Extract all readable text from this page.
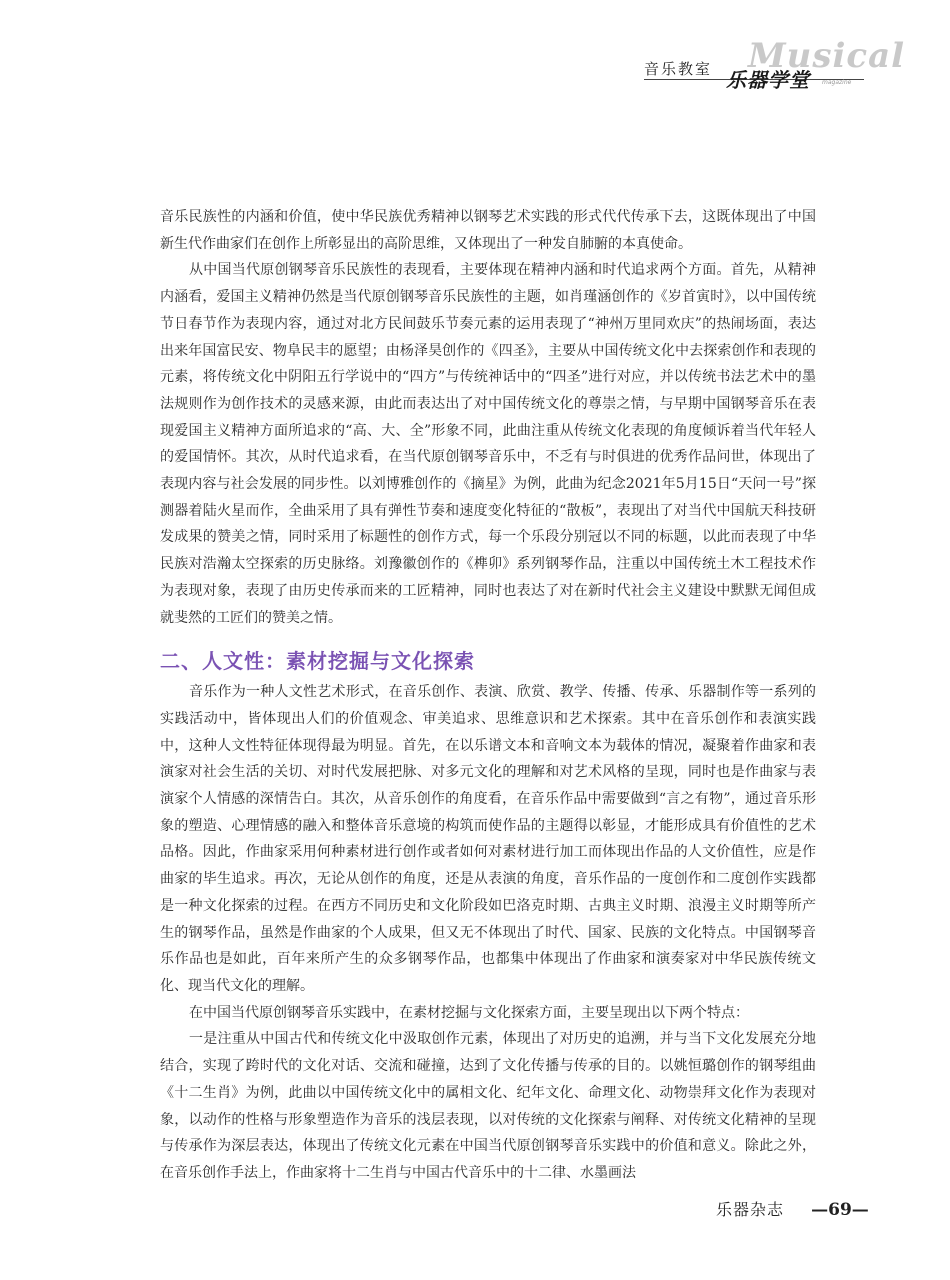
Musical
音乐教室 乐器学堂 magazine

音乐民族性的内涵和价值，使中华民族优秀精神以钢琴艺术实践的形式代代传承下去，这既体现出了中国新生代作曲家们在创作上所彰显出的高阶思维，又体现出了一种发自肺腑的本真使命。

从中国当代原创钢琴音乐民族性的表现看，主要体现在精神内涵和时代追求两个方面。首先，从精神内涵看，爱国主义精神仍然是当代原创钢琴音乐民族性的主题，如肖瑾涵创作的《岁首寅时》，以中国传统节日春节作为表现内容，通过对北方民间鼓乐节奏元素的运用表现了“神州万里同欢庆”的热闹场面，表达出来年国富民安、物阜民丰的愿望；由杨泽昊创作的《四圣》，主要从中国传统文化中去探索创作和表现的元素，将传统文化中阴阳五行学说中的“四方”与传统神话中的“四圣”进行对应，并以传统书法艺术中的墨法规则作为创作技术的灵感来源，由此而表达出了对中国传统文化的尊崇之情，与早期中国钢琴音乐在表现爱国主义精神方面所追求的“高、大、全”形象不同，此曲注重从传统文化表现的角度倾诉着当代年轻人的爱国情怀。其次，从时代追求看，在当代原创钢琴音乐中，不乏有与时俱进的优秀作品问世，体现出了表现内容与社会发展的同步性。以刘博雅创作的《摘星》为例，此曲为纪念2021年5月15日“天问一号”探测器着陆火星而作，全曲采用了具有弹性节奏和速度变化特征的“散板”，表现出了对当代中国航天科技研发成果的赞美之情，同时采用了标题性的创作方式，每一个乐段分别冠以不同的标题，以此而表现了中华民族对浩瀚太空探索的历史脉络。刘豫徽创作的《榫卯》系列钢琴作品，注重以中国传统土木工程技术作为表现对象，表现了由历史传承而来的工匠精神，同时也表达了对在新时代社会主义建设中默默无闻但成就斐然的工匠们的赞美之情。

二、人文性：素材挖掘与文化探索

音乐作为一种人文性艺术形式，在音乐创作、表演、欣赏、教学、传播、传承、乐器制作等一系列的实践活动中，皆体现出人们的价值观念、审美追求、思维意识和艺术探索。其中在音乐创作和表演实践中，这种人文性特征体现得最为明显。首先，在以乐谱文本和音响文本为载体的情况，凝聚着作曲家和表演家对社会生活的关切、对时代发展把脉、对多元文化的理解和对艺术风格的呈现，同时也是作曲家与表演家个人情感的深情告白。其次，从音乐创作的角度看，在音乐作品中需要做到“言之有物”，通过音乐形象的塑造、心理情感的融入和整体音乐意境的构筑而使作品的主题得以彰显，才能形成具有价值性的艺术品格。因此，作曲家采用何种素材进行创作或者如何对素材进行加工而体现出作品的人文价值性，应是作曲家的毕生追求。再次，无论从创作的角度，还是从表演的角度，音乐作品的一度创作和二度创作实践都是一种文化探索的过程。在西方不同历史和文化阶段如巴洛克时期、古典主义时期、浪漫主义时期等所产生的钢琴作品，虽然是作曲家的个人成果，但又无不体现出了时代、国家、民族的文化特点。中国钢琴音乐作品也是如此，百年来所产生的众多钢琴作品，也都集中体现出了作曲家和演奏家对中华民族传统文化、现当代文化的理解。

在中国当代原创钢琴音乐实践中，在素材挖掘与文化探索方面，主要呈现出以下两个特点：

一是注重从中国古代和传统文化中汲取创作元素，体现出了对历史的追溯，并与当下文化发展充分地结合，实现了跨时代的文化对话、交流和碰撞，达到了文化传播与传承的目的。以姚恒璐创作的钢琴组曲《十二生肖》为例，此曲以中国传统文化中的属相文化、纪年文化、命理文化、动物崇拜文化作为表现对象，以动作的性格与形象塑造作为音乐的浅层表现，以对传统的文化探索与阐释、对传统文化精神的呈现与传承作为深层表达，体现出了传统文化元素在中国当代原创钢琴音乐实践中的价值和意义。除此之外，在音乐创作手法上，作曲家将十二生肖与中国古代音乐中的十二律、水墨画法

乐器杂志 —69—
